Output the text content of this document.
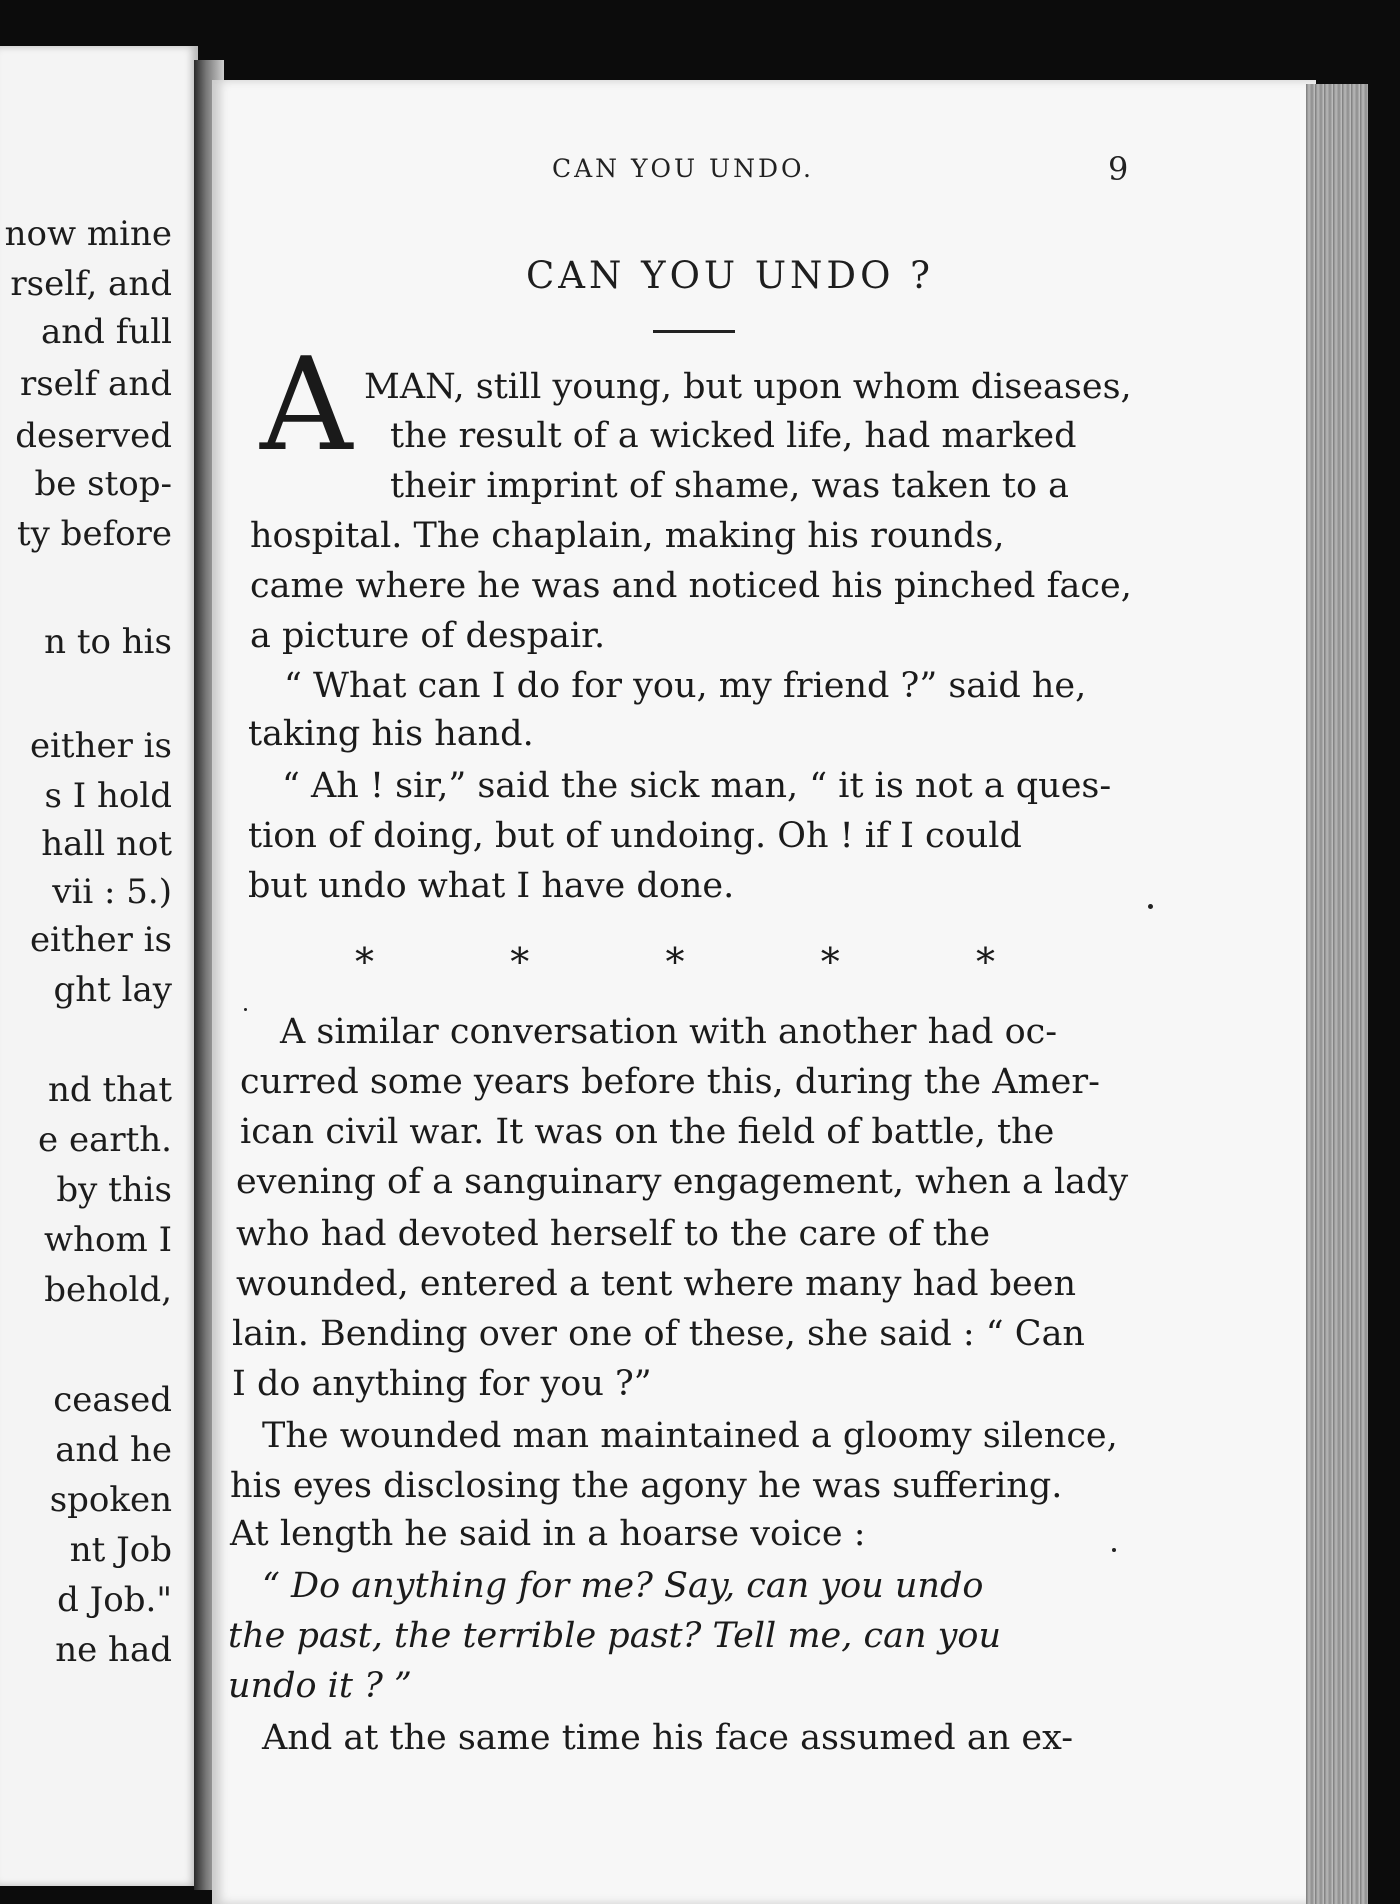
now mine
rself, and
and full
rself and
deserved
be stop-
ty before
n to his
either is
s I hold
hall not
vii : 5.)
either is
ght lay
nd that
e earth.
by this
whom I
behold,
ceased
and he
spoken
nt Job
d Job."
ne had
CAN YOU UNDO.	9
CAN YOU UNDO ?
A MAN, still young, but upon whom diseases,
the result of a wicked life, had marked
their imprint of shame, was taken to a
hospital. The chaplain, making his rounds,
came where he was and noticed his pinched face,
a picture of despair.
“ What can I do for you, my friend ?” said he,
taking his hand.
“ Ah ! sir,” said the sick man, “ it is not a ques-
tion of doing, but of undoing. Oh ! if I could
but undo what I have done.
*	*	*	*	*
A similar conversation with another had oc-
curred some years before this, during the Amer-
ican civil war. It was on the field of battle, the
evening of a sanguinary engagement, when a lady
who had devoted herself to the care of the
wounded, entered a tent where many had been
lain. Bending over one of these, she said : “ Can
I do anything for you ?”
The wounded man maintained a gloomy silence,
his eyes disclosing the agony he was suffering.
At length he said in a hoarse voice :
“ Do anything for me? Say, can you undo
the past, the terrible past? Tell me, can you
undo it ? ”
And at the same time his face assumed an ex-
